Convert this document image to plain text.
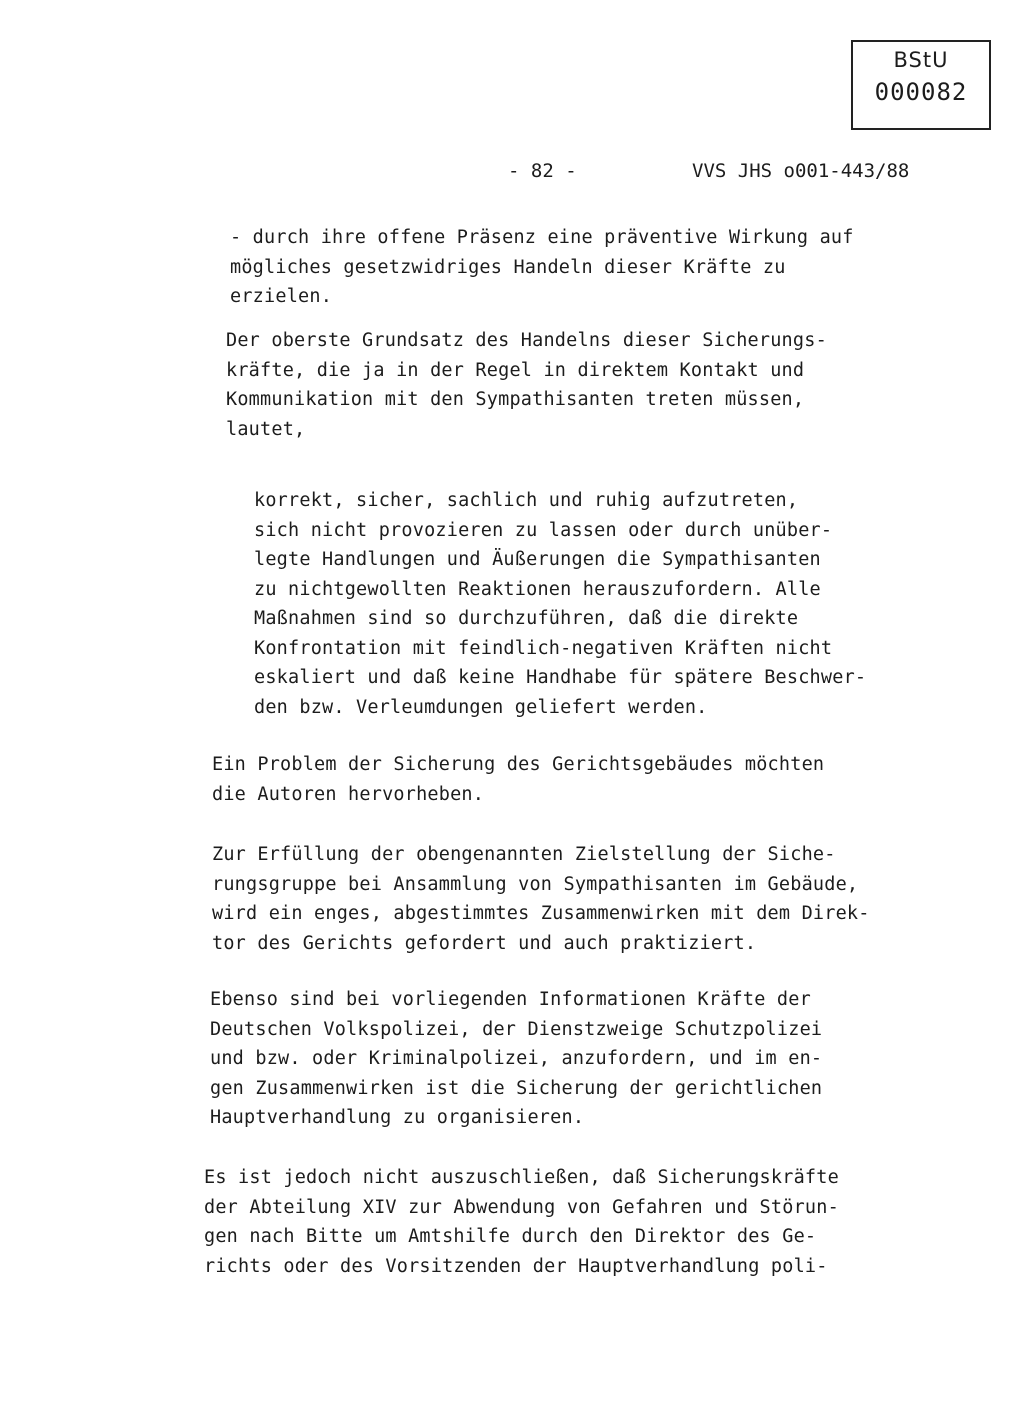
BStU
000082
- 82 -	VVS JHS o001-443/88
- durch ihre offene Präsenz eine präventive Wirkung auf
mögliches gesetzwidriges Handeln dieser Kräfte zu
erzielen.
Der oberste Grundsatz des Handelns dieser Sicherungs-
kräfte, die ja in der Regel in direktem Kontakt und
Kommunikation mit den Sympathisanten treten müssen,
lautet,
korrekt, sicher, sachlich und ruhig aufzutreten,
sich nicht provozieren zu lassen oder durch unüber-
legte Handlungen und Äußerungen die Sympathisanten
zu nichtgewollten Reaktionen herauszufordern. Alle
Maßnahmen sind so durchzuführen, daß die direkte
Konfrontation mit feindlich-negativen Kräften nicht
eskaliert und daß keine Handhabe für spätere Beschwer-
den bzw. Verleumdungen geliefert werden.
Ein Problem der Sicherung des Gerichtsgebäudes möchten
die Autoren hervorheben.
Zur Erfüllung der obengenannten Zielstellung der Siche-
rungsgruppe bei Ansammlung von Sympathisanten im Gebäude,
wird ein enges, abgestimmtes Zusammenwirken mit dem Direk-
tor des Gerichts gefordert und auch praktiziert.
Ebenso sind bei vorliegenden Informationen Kräfte der
Deutschen Volkspolizei, der Dienstzweige Schutzpolizei
und bzw. oder Kriminalpolizei, anzufordern, und im en-
gen Zusammenwirken ist die Sicherung der gerichtlichen
Hauptverhandlung zu organisieren.
Es ist jedoch nicht auszuschließen, daß Sicherungskräfte
der Abteilung XIV zur Abwendung von Gefahren und Störun-
gen nach Bitte um Amtshilfe durch den Direktor des Ge-
richts oder des Vorsitzenden der Hauptverhandlung poli-
